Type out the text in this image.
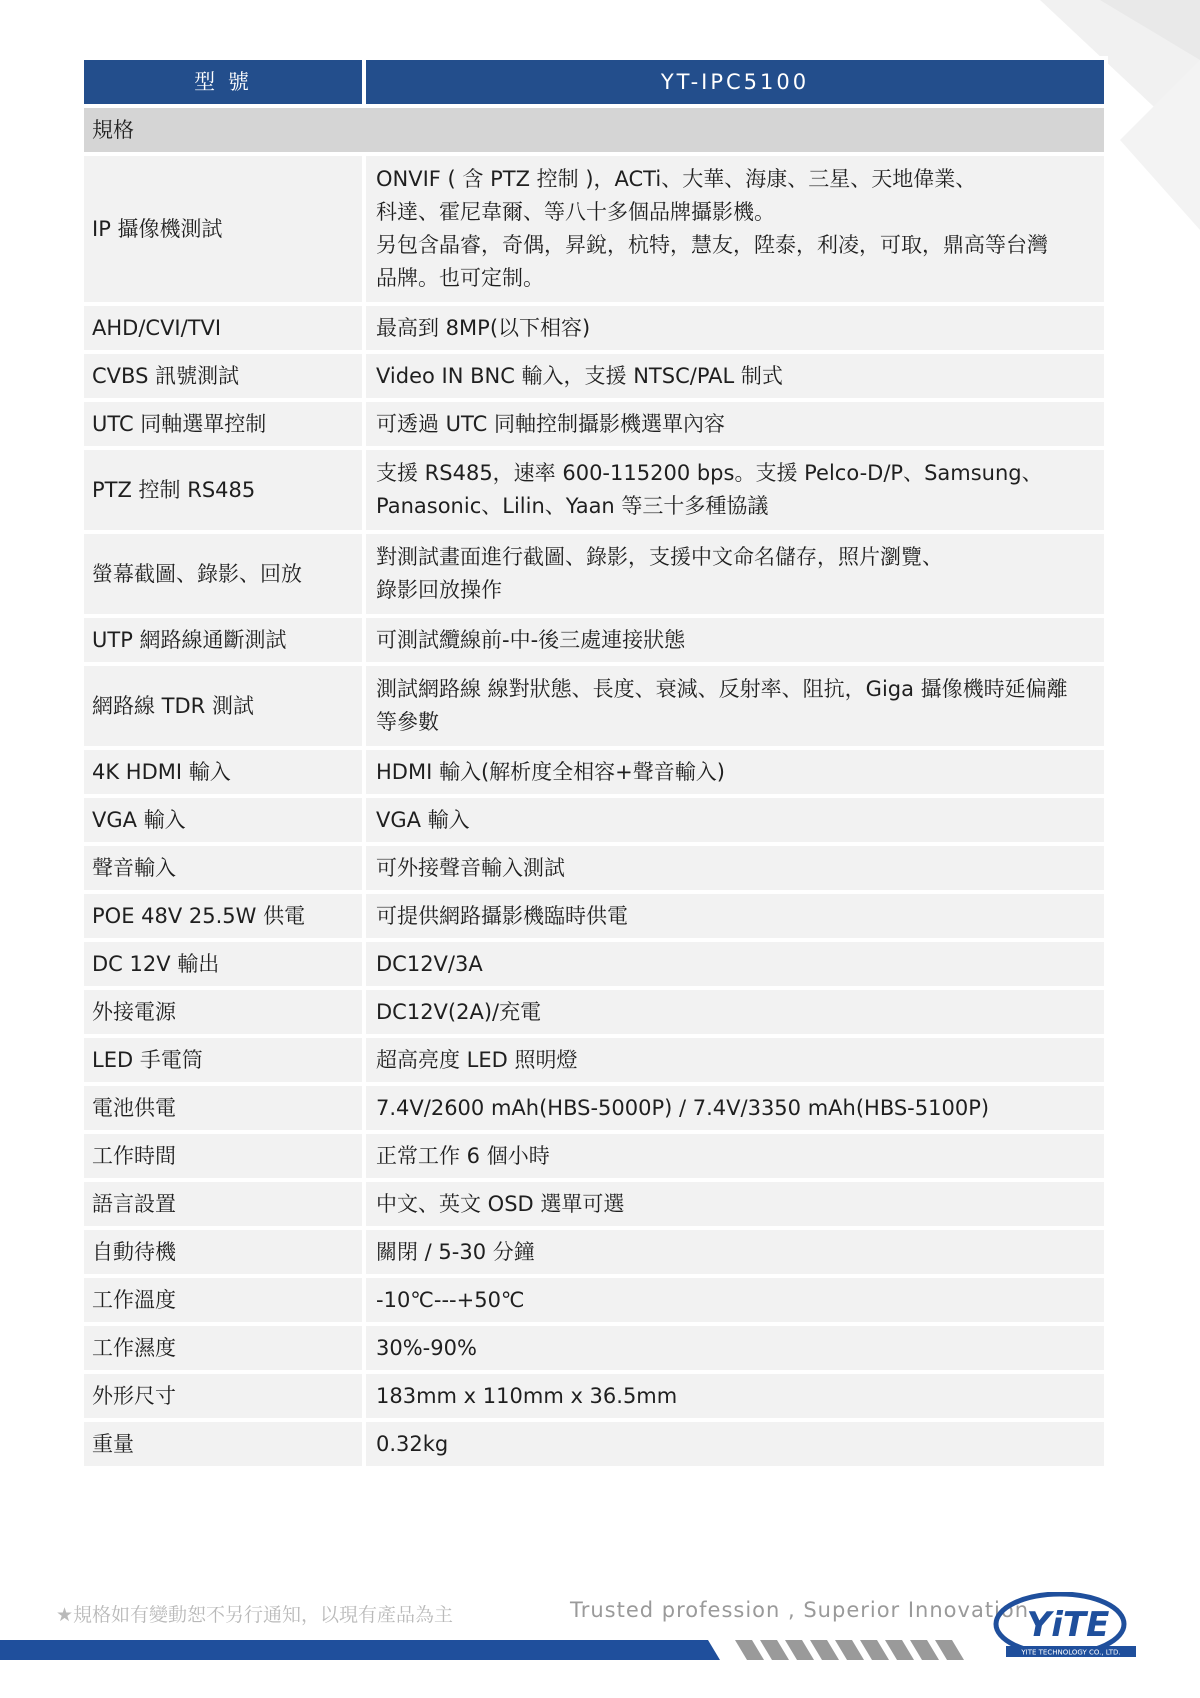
型 號	YT-IPC5100
規格	
IP 攝像機測試	ONVIF ( 含 PTZ 控制 )，ACTi、大華、海康、三星、天地偉業、
科達、霍尼韋爾、等八十多個品牌攝影機。
另包含晶睿，奇偶，昇銳，杭特，慧友，陞泰，利凌，可取，鼎高等台灣
品牌。也可定制。

AHD/CVI/TVI	最高到 8MP(以下相容)

CVBS 訊號測試	Video IN BNC 輸入，支援 NTSC/PAL 制式

UTC 同軸選單控制	可透過 UTC 同軸控制攝影機選單內容

PTZ 控制 RS485	支援 RS485，速率 600-115200 bps。支援 Pelco-D/P、Samsung、
Panasonic、Lilin、Yaan 等三十多種協議

螢幕截圖、錄影、回放	對測試畫面進行截圖、錄影，支援中文命名儲存，照片瀏覽、
錄影回放操作

UTP 網路線通斷測試	可測試纜線前-中-後三處連接狀態

網路線 TDR 測試	測試網路線 線對狀態、長度、衰減、反射率、阻抗，Giga 攝像機時延偏離
等參數

4K HDMI 輸入	HDMI 輸入(解析度全相容+聲音輸入)

VGA 輸入	VGA 輸入

聲音輸入	可外接聲音輸入測試

POE 48V 25.5W 供電	可提供網路攝影機臨時供電

DC 12V 輸出	DC12V/3A

外接電源	DC12V(2A)/充電

LED 手電筒	超高亮度 LED 照明燈

電池供電	7.4V/2600 mAh(HBS-5000P) / 7.4V/3350 mAh(HBS-5100P)

工作時間	正常工作 6 個小時

語言設置	中文、英文 OSD 選單可選

自動待機	關閉 / 5-30 分鐘

工作溫度	-10℃---+50℃

工作濕度	30%-90%

外形尺寸	183mm x 110mm x 36.5mm

重量	0.32kg
★規格如有變動恕不另行通知，以現有產品為主	Trusted profession , Superior Innovation
YiTE
YITE TECHNOLOGY CO., LTD.
